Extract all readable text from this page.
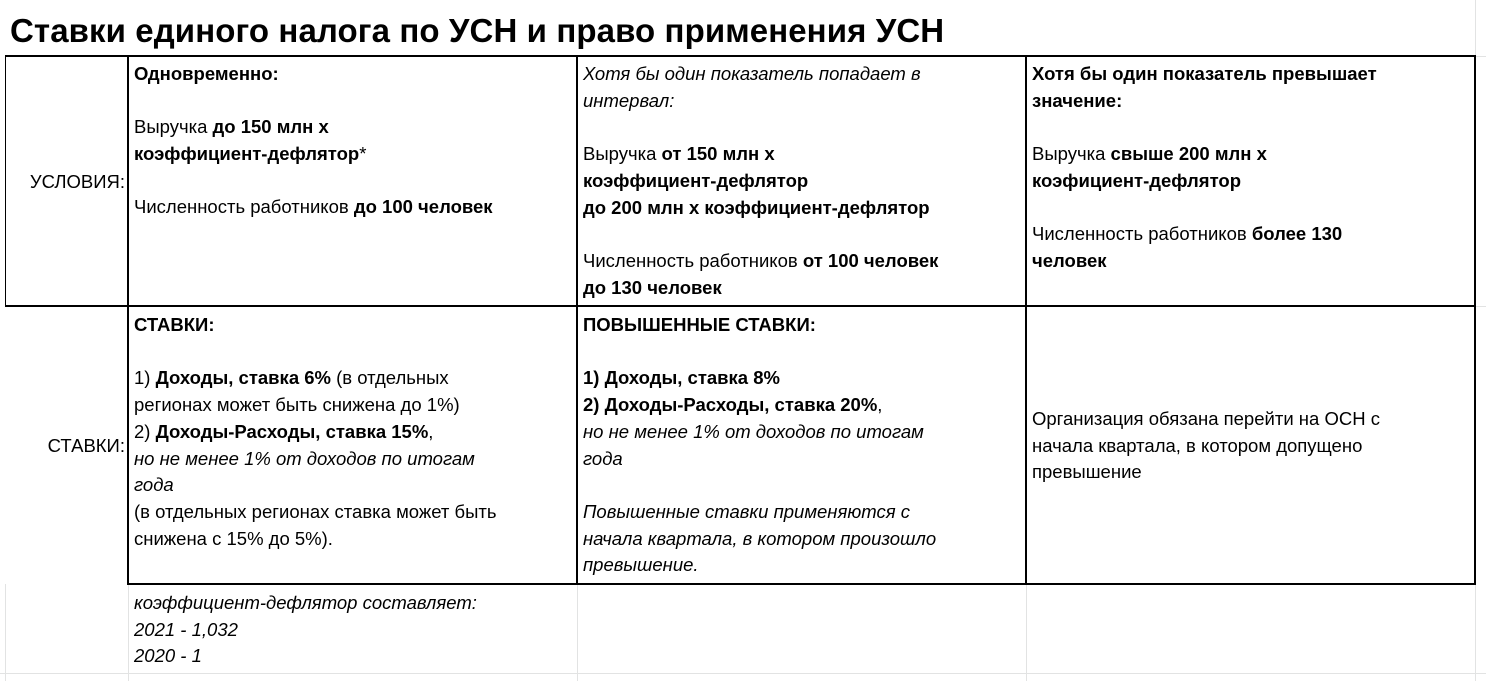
Ставки единого налога по УСН и право применения УСН
УСЛОВИЯ:
СТАВКИ:

Одновременно:

Выручка до 150 млн х

коэффициент-дефлятор*

Численность работников до 100 человек

Хотя бы один показатель попадает в

интервал:

Выручка от 150 млн х

коэффициент-дефлятор

до 200 млн х коэффициент-дефлятор

Численность работников от 100 человек

до 130 человек

Хотя бы один показатель превышает

значение:

Выручка свыше 200 млн х

коэфициент-дефлятор

Численность работников более 130

человек

СТАВКИ:

1) Доходы, ставка 6% (в отдельных

регионах может быть снижена до 1%)

2) Доходы-Расходы, ставка 15%,

но не менее 1% от доходов по итогам

года

(в отдельных регионах ставка может быть

снижена с 15% до 5%).

ПОВЫШЕННЫЕ СТАВКИ:

1) Доходы, ставка 8%

2) Доходы-Расходы, ставка 20%,

но не менее 1% от доходов по итогам

года

Повышенные ставки применяются с

начала квартала, в котором произошло

превышение.

Организация обязана перейти на ОСН с

начала квартала, в котором допущено

превышение

коэффициент-дефлятор составляет:

2021 - 1,032

2020 - 1
